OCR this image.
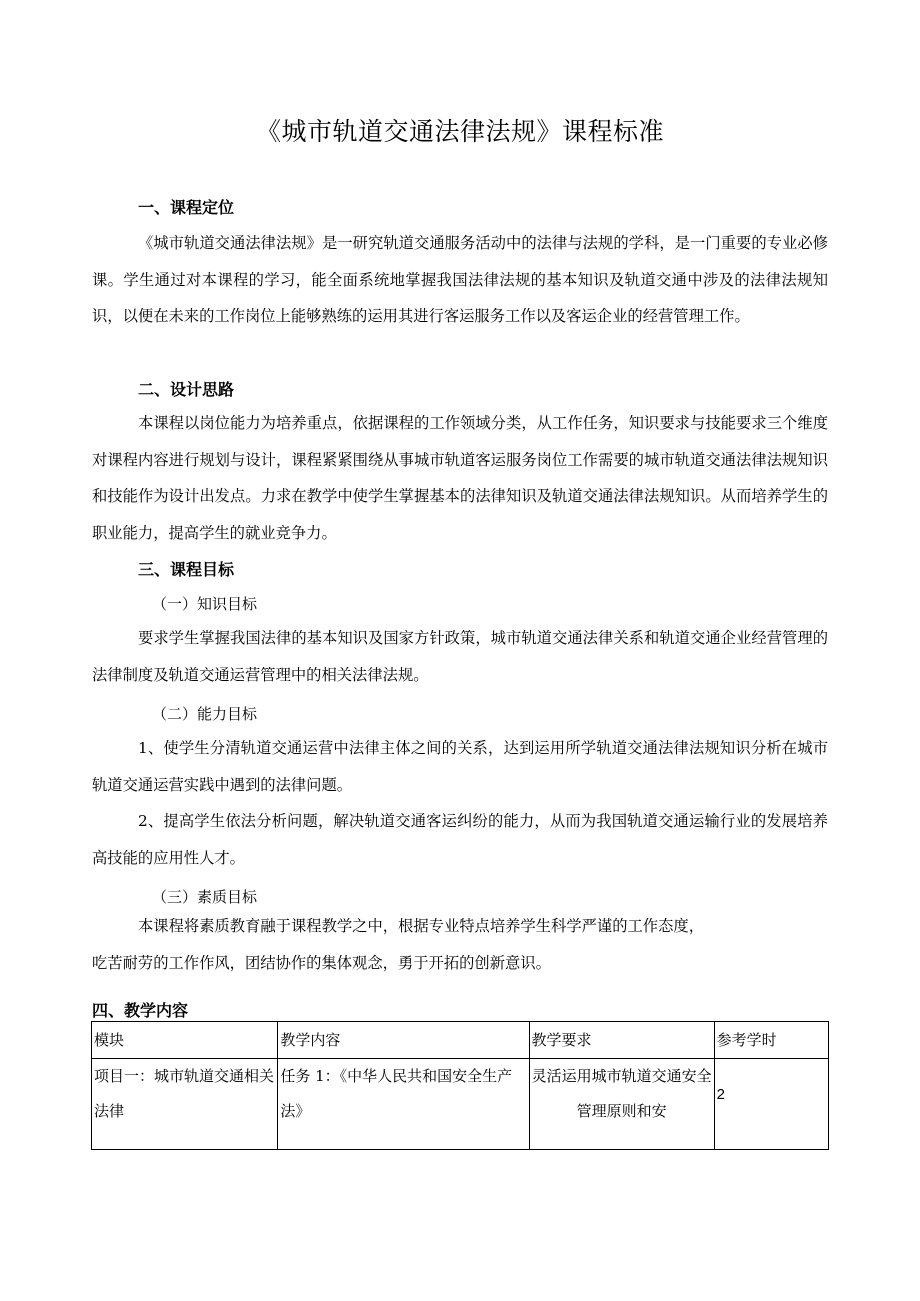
《城市轨道交通法律法规》课程标准
一、课程定位

《城市轨道交通法律法规》是一研究轨道交通服务活动中的法律与法规的学科，是一门重要的专业必修课。学生通过对本课程的学习，能全面系统地掌握我国法律法规的基本知识及轨道交通中涉及的法律法规知识，以便在未来的工作岗位上能够熟练的运用其进行客运服务工作以及客运企业的经营管理工作。

二、设计思路

本课程以岗位能力为培养重点，依据课程的工作领域分类，从工作任务，知识要求与技能要求三个维度对课程内容进行规划与设计，课程紧紧围绕从事城市轨道客运服务岗位工作需要的城市轨道交通法律法规知识和技能作为设计出发点。力求在教学中使学生掌握基本的法律知识及轨道交通法律法规知识。从而培养学生的职业能力，提高学生的就业竞争力。

三、课程目标

（一）知识目标

要求学生掌握我国法律的基本知识及国家方针政策，城市轨道交通法律关系和轨道交通企业经营管理的法律制度及轨道交通运营管理中的相关法律法规。

（二）能力目标

1、使学生分清轨道交通运营中法律主体之间的关系，达到运用所学轨道交通法律法规知识分析在城市轨道交通运营实践中遇到的法律问题。

2、提高学生依法分析问题，解决轨道交通客运纠纷的能力，从而为我国轨道交通运输行业的发展培养高技能的应用性人才。

（三）素质目标

本课程将素质教育融于课程教学之中，根据专业特点培养学生科学严谨的工作态度，

吃苦耐劳的工作作风，团结协作的集体观念，勇于开拓的创新意识。

四、教学内容
模块	教学内容	教学要求	参考学时
项目一：城市轨道交通相关法律	任务 1：《中华人民共和国安全生产法》	灵活运用城市轨道交通安全管理原则和安	2
